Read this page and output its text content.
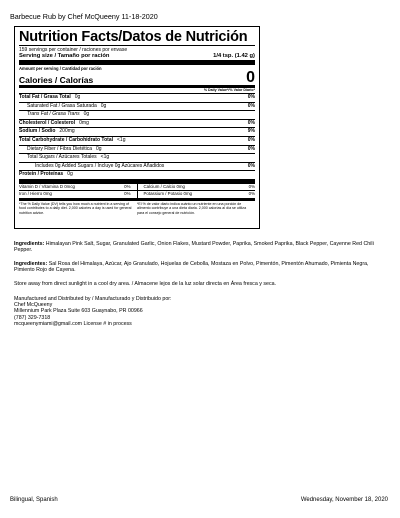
Barbecue Rub by Chef McQueeny 11-18-2020
Nutrition Facts/Datos de Nutrición
159 servings per container / raciones por envase
Serving size / Tamaño por ración	1/4 tsp. (1.42 g)
Amount per serving / Cantidad por ración
Calories / Calorías	0
% Daily Value*/% Valor Diario*
Total Fat / Grasa Total 0g	0%
Saturated Fat / Grasa Saturada 0g	0%
Trans Fat / Grasa Trans 0g
Cholesterol / Colesterol 0mg	0%
Sodium / Sodio 200mg	9%
Total Carbohydrate / Carbohidrato Total <1g	0%
Dietary Fiber / Fibra Dietética 0g	0%
Total Sugars / Azúcares Totales <1g
Includes 0g Added Sugars / Incluye 0g Azúcares Añadidos	0%
Protein / Proteínas 0g
Vitamin D / Vitamina D 0mcg	0%	Calcium / Calcio 0mg	0%
Iron / Hierro 0mg	0%	Potassium / Potasio 0mg	0%
*The % Daily Value (DV) tells you how much a nutrient in a serving of food contributes to a daily diet. 2,000 calories a day is used for general nutrition advice.
*El % de valor diario indica cuánto un nutriente en una porción de alimento contribuye a una dieta diaria. 2,000 calorías al día se utiliza para el consejo general de nutrición.
Ingredients: Himalayan Pink Salt, Sugar, Granulated Garlic, Onion Flakes, Mustard Powder, Paprika, Smoked Paprika, Black Pepper, Cayenne Red Chili Pepper.
Ingredientes: Sal Rosa del Himalaya, Azúcar, Ajo Granulado, Hojuelas de Cebolla, Mostaza en Polvo, Pimentón, Pimentón Ahumado, Pimienta Negra, Pimiento Rojo de Cayena.
Store away from direct sunlight in a cool dry area. / Almacene lejos de la luz solar directa en Área fresca y seca.
Manufactured and Distributed by / Manufacturado y Distribuido por:
Chef McQueeny
Millennium Park Plaza Suite 603 Guaynabo, PR 00966
(787) 329-7318
mcqueenymiami@gmail.com License # in process
Bilingual, Spanish	Wednesday, November 18, 2020
